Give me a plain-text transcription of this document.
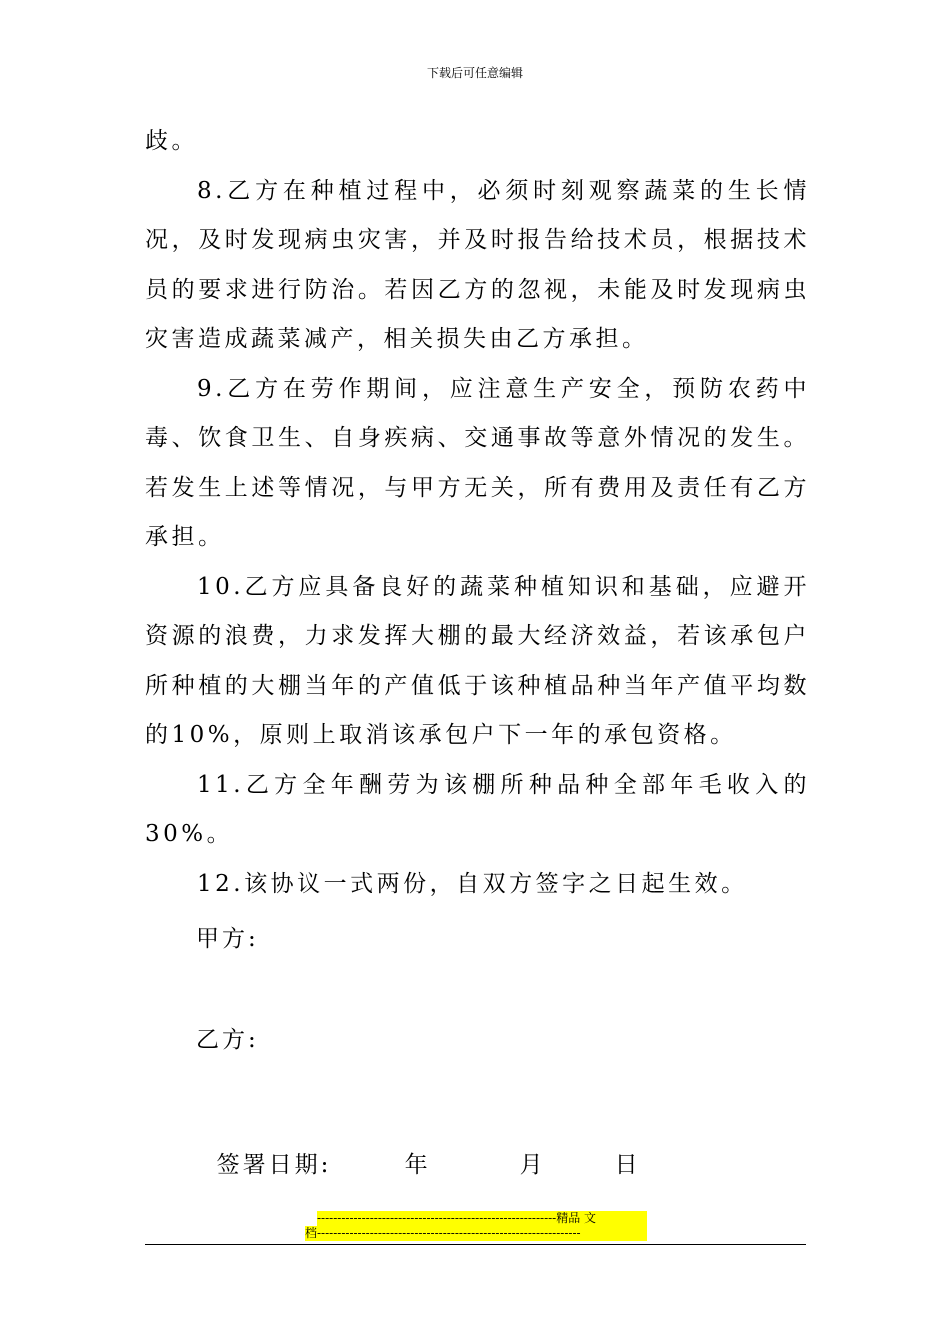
下载后可任意编辑

歧。

8.乙方在种植过程中，必须时刻观察蔬菜的生长情况，及时发现病虫灾害，并及时报告给技术员，根据技术员的要求进行防治。若因乙方的忽视，未能及时发现病虫灾害造成蔬菜减产，相关损失由乙方承担。

9.乙方在劳作期间，应注意生产安全，预防农药中毒、饮食卫生、自身疾病、交通事故等意外情况的发生。若发生上述等情况，与甲方无关，所有费用及责任有乙方承担。

10.乙方应具备良好的蔬菜种植知识和基础，应避开资源的浪费，力求发挥大棚的最大经济效益，若该承包户所种植的大棚当年的产值低于该种植品种当年产值平均数的10%，原则上取消该承包户下一年的承包资格。

11.乙方全年酬劳为该棚所种品种全部年毛收入的30%。

12.该协议一式两份，自双方签字之日起生效。

甲方:
乙方:

签署日期:	年	月	日

-----------------------------------------------------------精品 文
档-----------------------------------------------------------------
